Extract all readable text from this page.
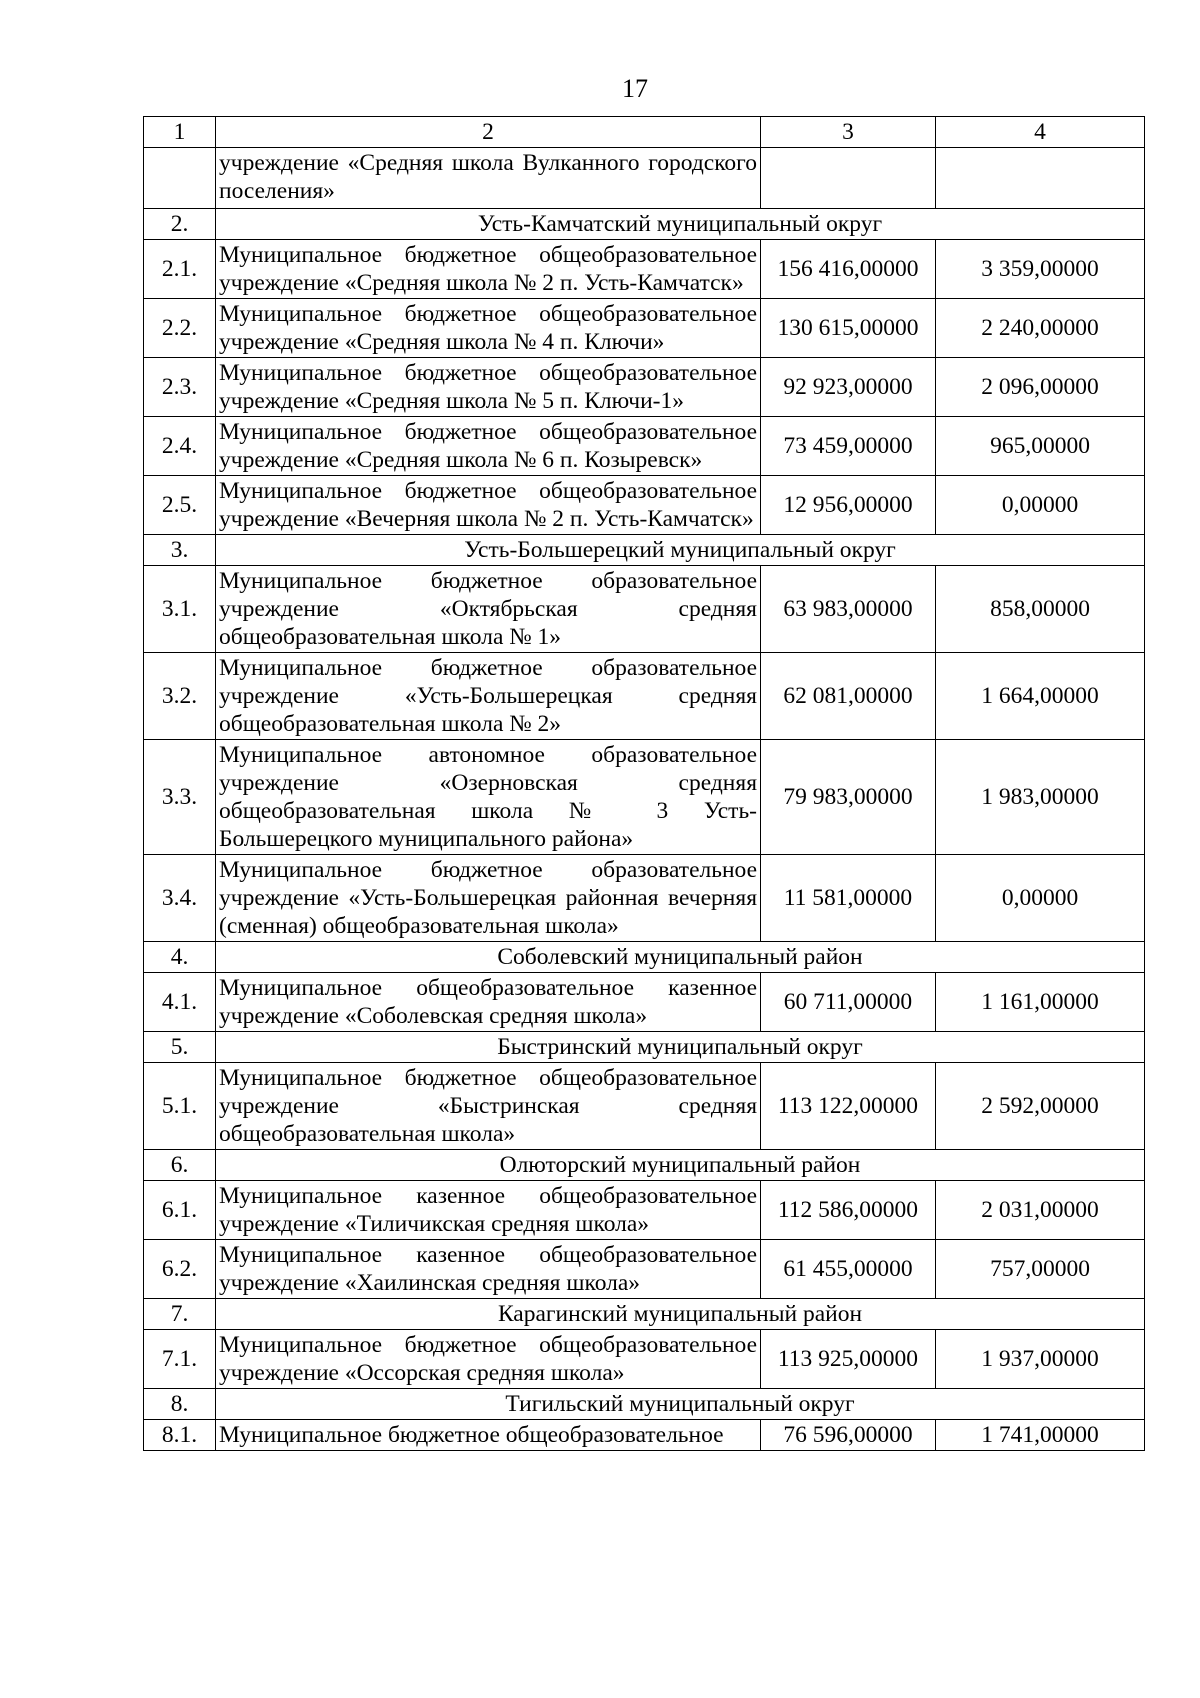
17
1	2	3	4
	учреждение «Средняя школа Вулканного городского поселения»		
2.	Усть-Камчатский муниципальный округ		
2.1.	Муниципальное бюджетное общеобразовательное учреждение «Средняя школа № 2 п. Усть-Камчатск»	156 416,00000	3 359,00000
2.2.	Муниципальное бюджетное общеобразовательное учреждение «Средняя школа № 4 п. Ключи»	130 615,00000	2 240,00000
2.3.	Муниципальное бюджетное общеобразовательное учреждение «Средняя школа № 5 п. Ключи-1»	92 923,00000	2 096,00000
2.4.	Муниципальное бюджетное общеобразовательное учреждение «Средняя школа № 6 п. Козыревск»	73 459,00000	965,00000
2.5.	Муниципальное бюджетное общеобразовательное учреждение «Вечерняя школа № 2 п. Усть-Камчатск»	12 956,00000	0,00000
3.	Усть-Большерецкий муниципальный округ		
3.1.	Муниципальное бюджетное образовательное учреждение «Октябрьская средняя общеобразовательная школа № 1»	63 983,00000	858,00000
3.2.	Муниципальное бюджетное образовательное учреждение «Усть-Большерецкая средняя общеобразовательная школа № 2»	62 081,00000	1 664,00000
3.3.	Муниципальное автономное образовательное учреждение «Озерновская средняя общеобразовательная школа № 3 Усть-Большерецкого муниципального района»	79 983,00000	1 983,00000
3.4.	Муниципальное бюджетное образовательное учреждение «Усть-Большерецкая районная вечерняя (сменная) общеобразовательная школа»	11 581,00000	0,00000
4.	Соболевский муниципальный район		
4.1.	Муниципальное общеобразовательное казенное учреждение «Соболевская средняя школа»	60 711,00000	1 161,00000
5.	Быстринский муниципальный округ		
5.1.	Муниципальное бюджетное общеобразовательное учреждение «Быстринская средняя общеобразовательная школа»	113 122,00000	2 592,00000
6.	Олюторский муниципальный район		
6.1.	Муниципальное казенное общеобразовательное учреждение «Тиличикская средняя школа»	112 586,00000	2 031,00000
6.2.	Муниципальное казенное общеобразовательное учреждение «Хаилинская средняя школа»	61 455,00000	757,00000
7.	Карагинский муниципальный район		
7.1.	Муниципальное бюджетное общеобразовательное учреждение «Оссорская средняя школа»	113 925,00000	1 937,00000
8.	Тигильский муниципальный округ		
8.1.	Муниципальное бюджетное общеобразовательное	76 596,00000	1 741,00000
